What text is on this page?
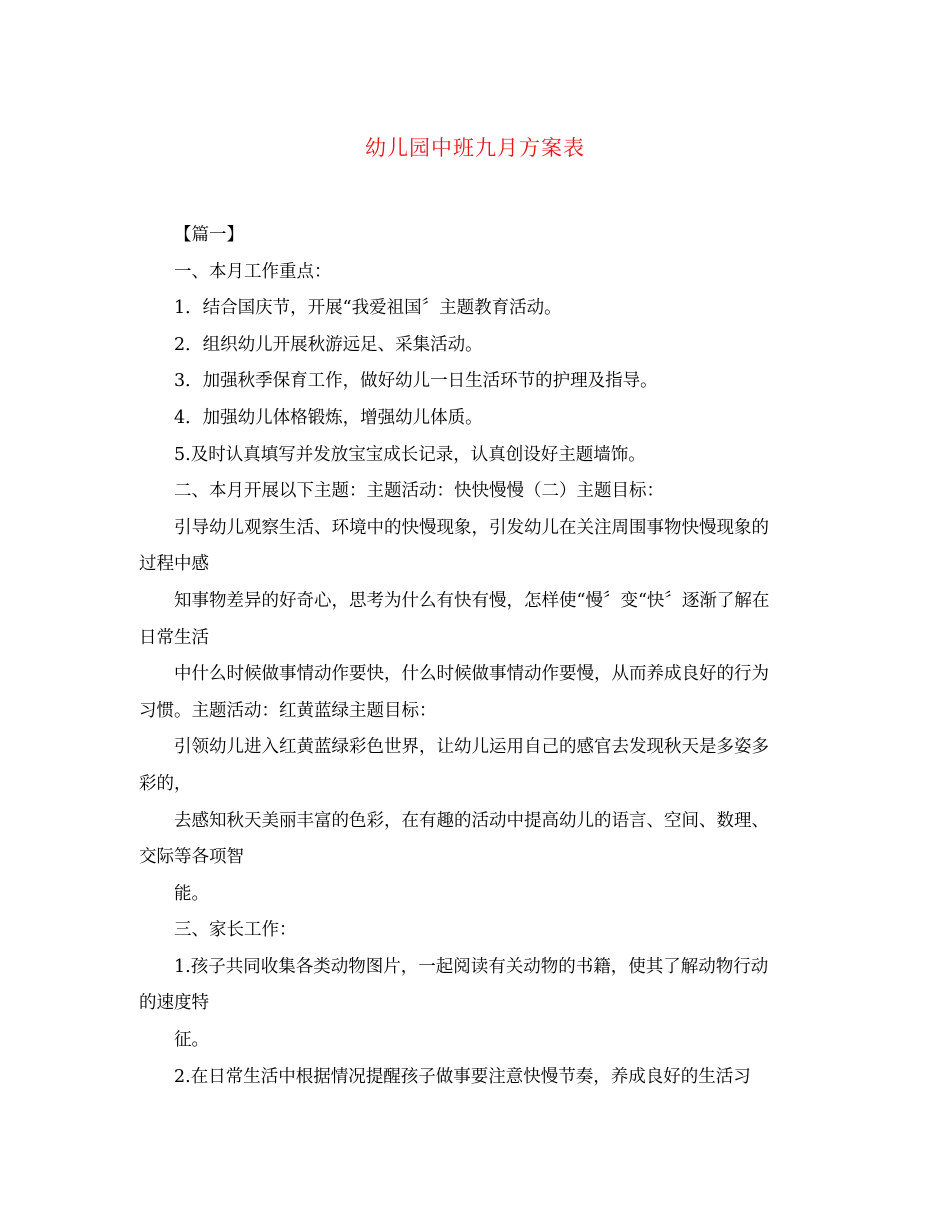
幼儿园中班九月方案表

【篇一】

一、本月工作重点：

1．结合国庆节，开展“我爱祖国〞主题教育活动。

2．组织幼儿开展秋游远足、采集活动。

3．加强秋季保育工作，做好幼儿一日生活环节的护理及指导。

4．加强幼儿体格锻炼，增强幼儿体质。

5.及时认真填写并发放宝宝成长记录，认真创设好主题墙饰。

二、本月开展以下主题：主题活动：快快慢慢（二）主题目标：

引导幼儿观察生活、环境中的快慢现象，引发幼儿在关注周围事物快慢现象的

过程中感

知事物差异的好奇心，思考为什么有快有慢，怎样使“慢〞变“快〞逐渐了解在

日常生活

中什么时候做事情动作要快，什么时候做事情动作要慢，从而养成良好的行为

习惯。主题活动：红黄蓝绿主题目标：

引领幼儿进入红黄蓝绿彩色世界，让幼儿运用自己的感官去发现秋天是多姿多

彩的，

去感知秋天美丽丰富的色彩，在有趣的活动中提高幼儿的语言、空间、数理、

交际等各项智

能。

三、家长工作：

1.孩子共同收集各类动物图片，一起阅读有关动物的书籍，使其了解动物行动

的速度特

征。

2.在日常生活中根据情况提醒孩子做事要注意快慢节奏，养成良好的生活习
